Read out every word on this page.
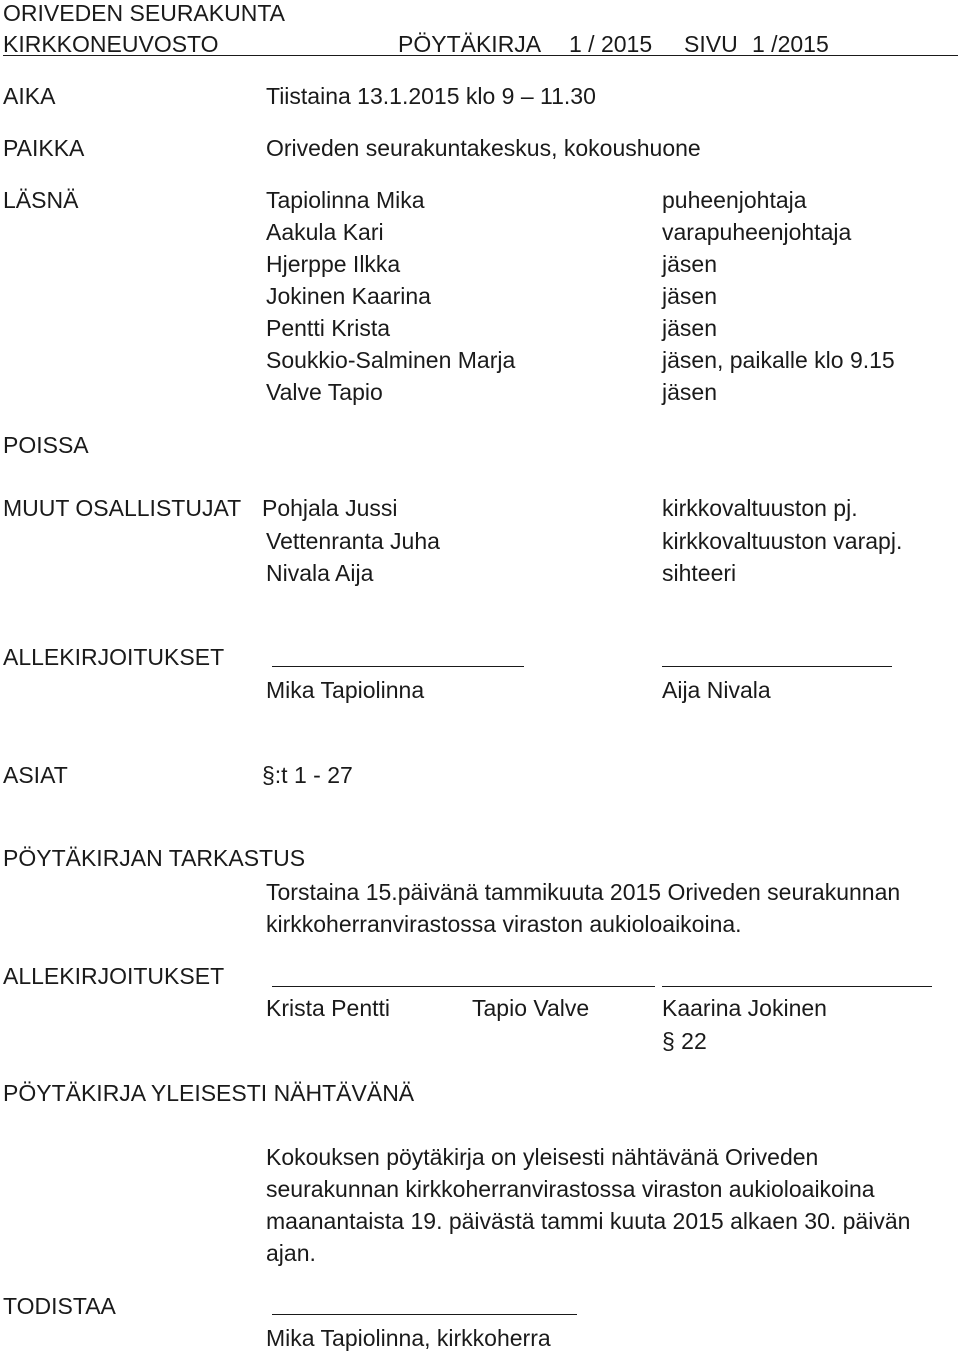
ORIVEDEN SEURAKUNTA
KIRKKONEUVOSTO	PÖYTÄKIRJA 1 / 2015 SIVU 1 /2015
AIKA	Tiistaina 13.1.2015 klo 9 – 11.30
PAIKKA	Oriveden seurakuntakeskus, kokoushuone
LÄSNÄ	Tapiolinna Mika	puheenjohtaja
Aakula Kari	varapuheenjohtaja
Hjerppe Ilkka	jäsen
Jokinen Kaarina	jäsen
Pentti Krista	jäsen
Soukkio-Salminen Marja	jäsen, paikalle klo 9.15
Valve Tapio	jäsen
POISSA
MUUT OSALLISTUJAT Pohjala Jussi	kirkkovaltuuston pj.
Vettenranta Juha	kirkkovaltuuston varapj.
Nivala Aija	sihteeri
ALLEKIRJOITUKSET
Mika Tapiolinna	Aija Nivala
ASIAT	§:t 1 - 27
PÖYTÄKIRJAN TARKASTUS
Torstaina 15.päivänä tammikuuta 2015 Oriveden seurakunnan
kirkkoherranvirastossa viraston aukioloaikoina.
ALLEKIRJOITUKSET
Krista Pentti	Tapio Valve	Kaarina Jokinen
§ 22
PÖYTÄKIRJA YLEISESTI NÄHTÄVÄNÄ
Kokouksen pöytäkirja on yleisesti nähtävänä Oriveden
seurakunnan kirkkoherranvirastossa viraston aukioloaikoina
maanantaista 19. päivästä tammi kuuta 2015 alkaen 30. päivän
ajan.
TODISTAA
Mika Tapiolinna, kirkkoherra
